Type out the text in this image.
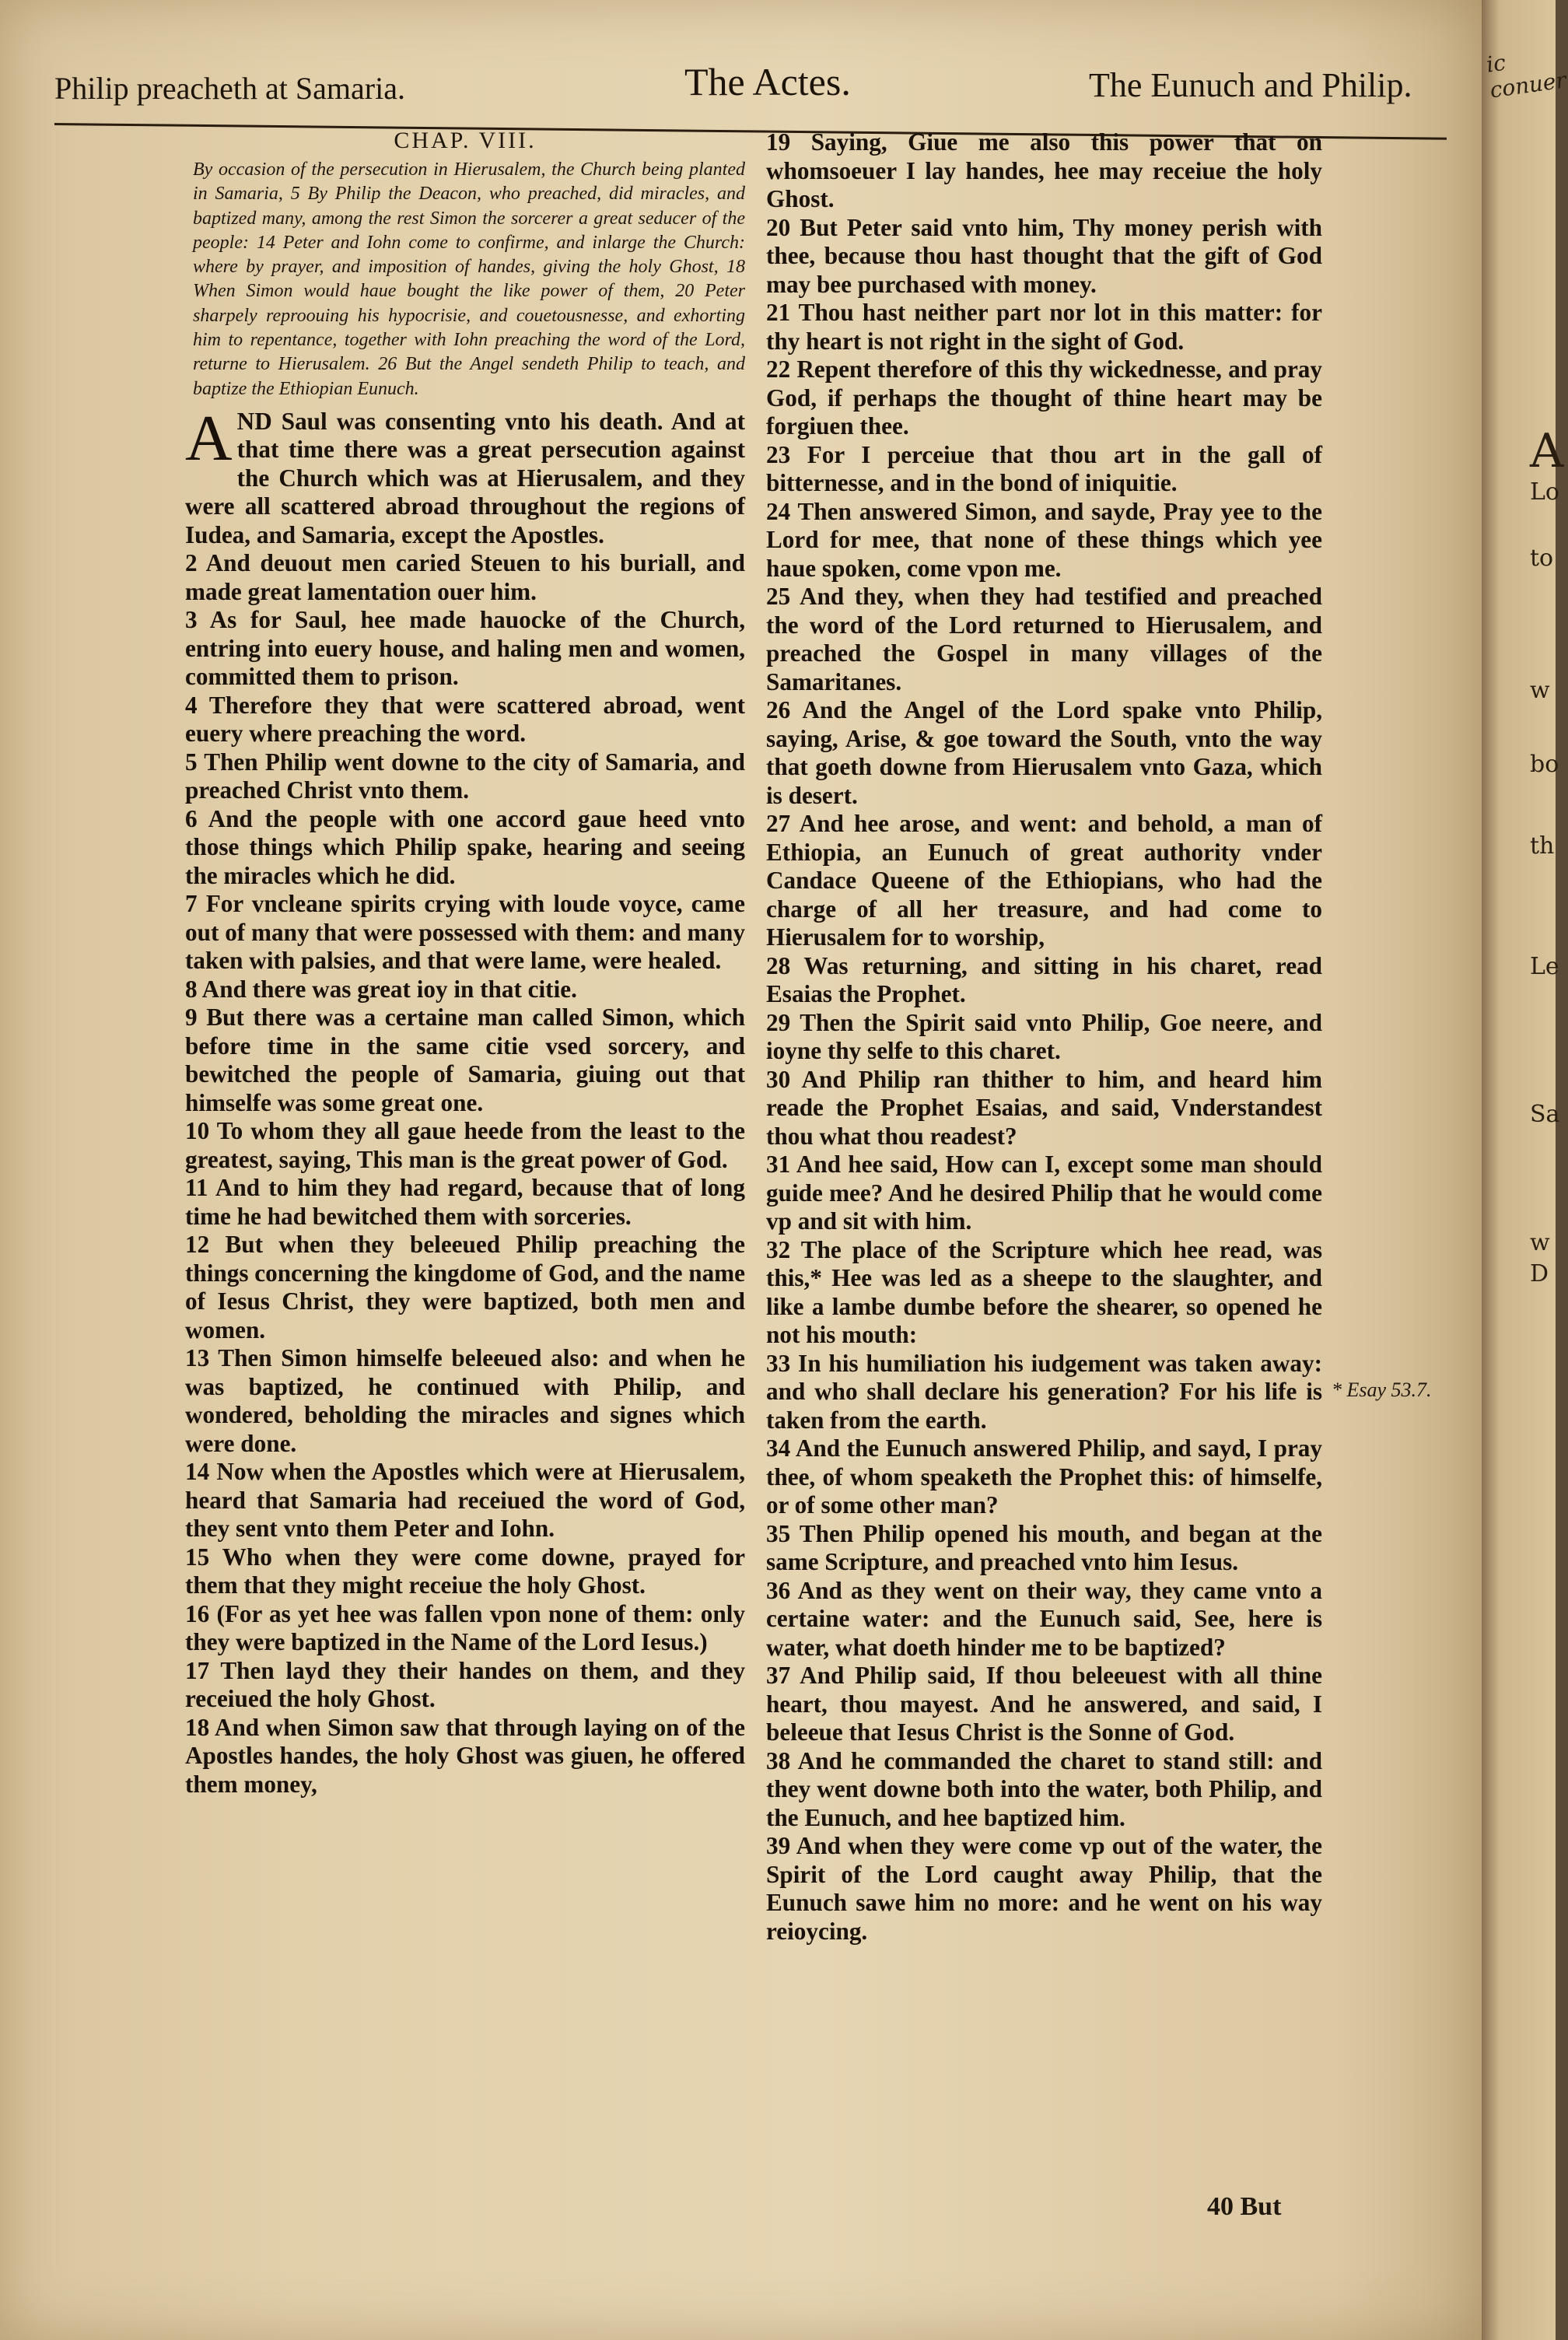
Philip preacheth at Samaria.	The Actes.	The Eunuch and Philip.

CHAP. VIII.

By occasion of the persecution in Hierusalem, the Church being planted in Samaria, 5 By Philip the Deacon, who preached, did miracles, and baptized many, among the rest Simon the sorcerer a great seducer of the people: 14 Peter and Iohn come to confirme, and inlarge the Church: where by prayer, and imposition of handes, giving the holy Ghost, 18 When Simon would haue bought the like power of them, 20 Peter sharpely reproouing his hypocrisie, and couetousnesse, and exhorting him to repentance, together with Iohn preaching the word of the Lord, returne to Hierusalem. 26 But the Angel sendeth Philip to teach, and baptize the Ethiopian Eunuch.

AND Saul was consenting vnto his death. And at that time there was a great persecution against the Church which was at Hierusalem, and they were all scattered abroad throughout the regions of Iudea, and Samaria, except the Apostles.

2 And deuout men caried Steuen to his buriall, and made great lamentation ouer him.

3 As for Saul, hee made hauocke of the Church, entring into euery house, and haling men and women, committed them to prison.

4 Therefore they that were scattered abroad, went euery where preaching the word.

5 Then Philip went downe to the city of Samaria, and preached Christ vnto them.

6 And the people with one accord gaue heed vnto those things which Philip spake, hearing and seeing the miracles which he did.

7 For vncleane spirits crying with loude voyce, came out of many that were possessed with them: and many taken with palsies, and that were lame, were healed.

8 And there was great ioy in that citie.

9 But there was a certaine man called Simon, which before time in the same citie vsed sorcery, and bewitched the people of Samaria, giuing out that himselfe was some great one.

10 To whom they all gaue heede from the least to the greatest, saying, This man is the great power of God.

11 And to him they had regard, because that of long time he had bewitched them with sorceries.

12 But when they beleeued Philip preaching the things concerning the kingdome of God, and the name of Iesus Christ, they were baptized, both men and women.

13 Then Simon himselfe beleeued also: and when he was baptized, he continued with Philip, and wondered, beholding the miracles and signes which were done.

14 Now when the Apostles which were at Hierusalem, heard that Samaria had receiued the word of God, they sent vnto them Peter and Iohn.

15 Who when they were come downe, prayed for them that they might receiue the holy Ghost.

16 (For as yet hee was fallen vpon none of them: only they were baptized in the Name of the Lord Iesus.)

17 Then layd they their handes on them, and they receiued the holy Ghost.

18 And when Simon saw that through laying on of the Apostles handes, the holy Ghost was giuen, he offered them money,

19 Saying, Giue me also this power that on whomsoeuer I lay handes, hee may receiue the holy Ghost.

20 But Peter said vnto him, Thy money perish with thee, because thou hast thought that the gift of God may bee purchased with money.

21 Thou hast neither part nor lot in this matter: for thy heart is not right in the sight of God.

22 Repent therefore of this thy wickednesse, and pray God, if perhaps the thought of thine heart may be forgiuen thee.

23 For I perceiue that thou art in the gall of bitternesse, and in the bond of iniquitie.

24 Then answered Simon, and sayde, Pray yee to the Lord for mee, that none of these things which yee haue spoken, come vpon me.

25 And they, when they had testified and preached the word of the Lord returned to Hierusalem, and preached the Gospel in many villages of the Samaritanes.

26 And the Angel of the Lord spake vnto Philip, saying, Arise, & goe toward the South, vnto the way that goeth downe from Hierusalem vnto Gaza, which is desert.

27 And hee arose, and went: and behold, a man of Ethiopia, an Eunuch of great authority vnder Candace Queene of the Ethiopians, who had the charge of all her treasure, and had come to Hierusalem for to worship,

28 Was returning, and sitting in his charet, read Esaias the Prophet.

29 Then the Spirit said vnto Philip, Goe neere, and ioyne thy selfe to this charet.

30 And Philip ran thither to him, and heard him reade the Prophet Esaias, and said, Vnderstandest thou what thou readest?

31 And hee said, How can I, except some man should guide mee? And he desired Philip that he would come vp and sit with him.

32 The place of the Scripture which hee read, was this,* Hee was led as a sheepe to the slaughter, and like a lambe dumbe before the shearer, so opened he not his mouth:

33 In his humiliation his iudgement was taken away: and who shall declare his generation? For his life is taken from the earth.

34 And the Eunuch answered Philip, and sayd, I pray thee, of whom speaketh the Prophet this: of himselfe, or of some other man?

35 Then Philip opened his mouth, and began at the same Scripture, and preached vnto him Iesus.

36 And as they went on their way, they came vnto a certaine water: and the Eunuch said, See, here is water, what doeth hinder me to be baptized?

37 And Philip said, If thou beleeuest with all thine heart, thou mayest. And he answered, and said, I beleeue that Iesus Christ is the Sonne of God.

38 And he commanded the charet to stand still: and they went downe both into the water, both Philip, and the Eunuch, and hee baptized him.

39 And when they were come vp out of the water, the Spirit of the Lord caught away Philip, that the Eunuch sawe him no more: and he went on his way reioycing.

* Esay 53.7.
40 But
ic conuer
A
Lo
to
w
bo
th
Le
Sa
w
D
